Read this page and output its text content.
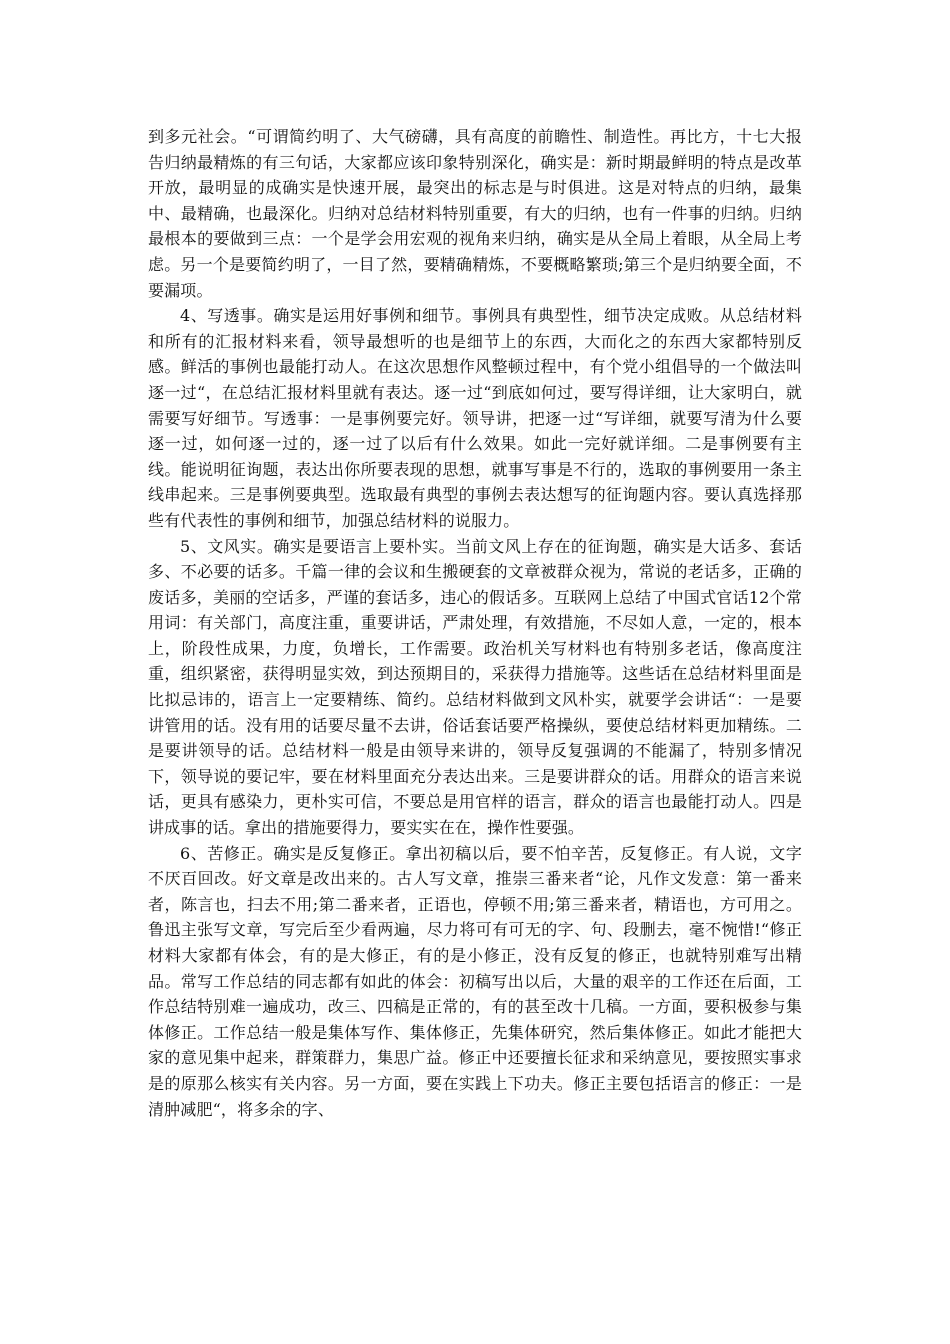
到多元社会。“可谓简约明了、大气磅礴，具有高度的前瞻性、制造性。再比方，十七大报告归纳最精炼的有三句话，大家都应该印象特别深化，确实是：新时期最鲜明的特点是改革开放，最明显的成确实是快速开展，最突出的标志是与时俱进。这是对特点的归纳，最集中、最精确，也最深化。归纳对总结材料特别重要，有大的归纳，也有一件事的归纳。归纳最根本的要做到三点：一个是学会用宏观的视角来归纳，确实是从全局上着眼，从全局上考虑。另一个是要简约明了，一目了然，要精确精炼，不要概略繁琐;第三个是归纳要全面，不要漏项。

4、写透事。确实是运用好事例和细节。事例具有典型性，细节决定成败。从总结材料和所有的汇报材料来看，领导最想听的也是细节上的东西，大而化之的东西大家都特别反感。鲜活的事例也最能打动人。在这次思想作风整顿过程中，有个党小组倡导的一个做法叫逐一过“，在总结汇报材料里就有表达。逐一过“到底如何过，要写得详细，让大家明白，就需要写好细节。写透事：一是事例要完好。领导讲，把逐一过“写详细，就要写清为什么要逐一过，如何逐一过的，逐一过了以后有什么效果。如此一完好就详细。二是事例要有主线。能说明征询题，表达出你所要表现的思想，就事写事是不行的，选取的事例要用一条主线串起来。三是事例要典型。选取最有典型的事例去表达想写的征询题内容。要认真选择那些有代表性的事例和细节，加强总结材料的说服力。

5、文风实。确实是要语言上要朴实。当前文风上存在的征询题，确实是大话多、套话多、不必要的话多。千篇一律的会议和生搬硬套的文章被群众视为，常说的老话多，正确的废话多，美丽的空话多，严谨的套话多，违心的假话多。互联网上总结了中国式官话12个常用词：有关部门，高度注重，重要讲话，严肃处理，有效措施，不尽如人意，一定的，根本上，阶段性成果，力度，负增长，工作需要。政治机关写材料也有特别多老话，像高度注重，组织紧密，获得明显实效，到达预期目的，采获得力措施等。这些话在总结材料里面是比拟忌讳的，语言上一定要精练、简约。总结材料做到文风朴实，就要学会讲话“：一是要讲管用的话。没有用的话要尽量不去讲，俗话套话要严格操纵，要使总结材料更加精练。二是要讲领导的话。总结材料一般是由领导来讲的，领导反复强调的不能漏了，特别多情况下，领导说的要记牢，要在材料里面充分表达出来。三是要讲群众的话。用群众的语言来说话，更具有感染力，更朴实可信，不要总是用官样的语言，群众的语言也最能打动人。四是讲成事的话。拿出的措施要得力，要实实在在，操作性要强。

6、苦修正。确实是反复修正。拿出初稿以后，要不怕辛苦，反复修正。有人说，文字不厌百回改。好文章是改出来的。古人写文章，推崇三番来者“论，凡作文发意：第一番来者，陈言也，扫去不用;第二番来者，正语也，停顿不用;第三番来者，精语也，方可用之。鲁迅主张写文章，写完后至少看两遍，尽力将可有可无的字、句、段删去，毫不惋惜!“修正材料大家都有体会，有的是大修正，有的是小修正，没有反复的修正，也就特别难写出精品。常写工作总结的同志都有如此的体会：初稿写出以后，大量的艰辛的工作还在后面，工作总结特别难一遍成功，改三、四稿是正常的，有的甚至改十几稿。一方面，要积极参与集体修正。工作总结一般是集体写作、集体修正，先集体研究，然后集体修正。如此才能把大家的意见集中起来，群策群力，集思广益。修正中还要擅长征求和采纳意见，要按照实事求是的原那么核实有关内容。另一方面，要在实践上下功夫。修正主要包括语言的修正：一是清肿减肥“，将多余的字、
